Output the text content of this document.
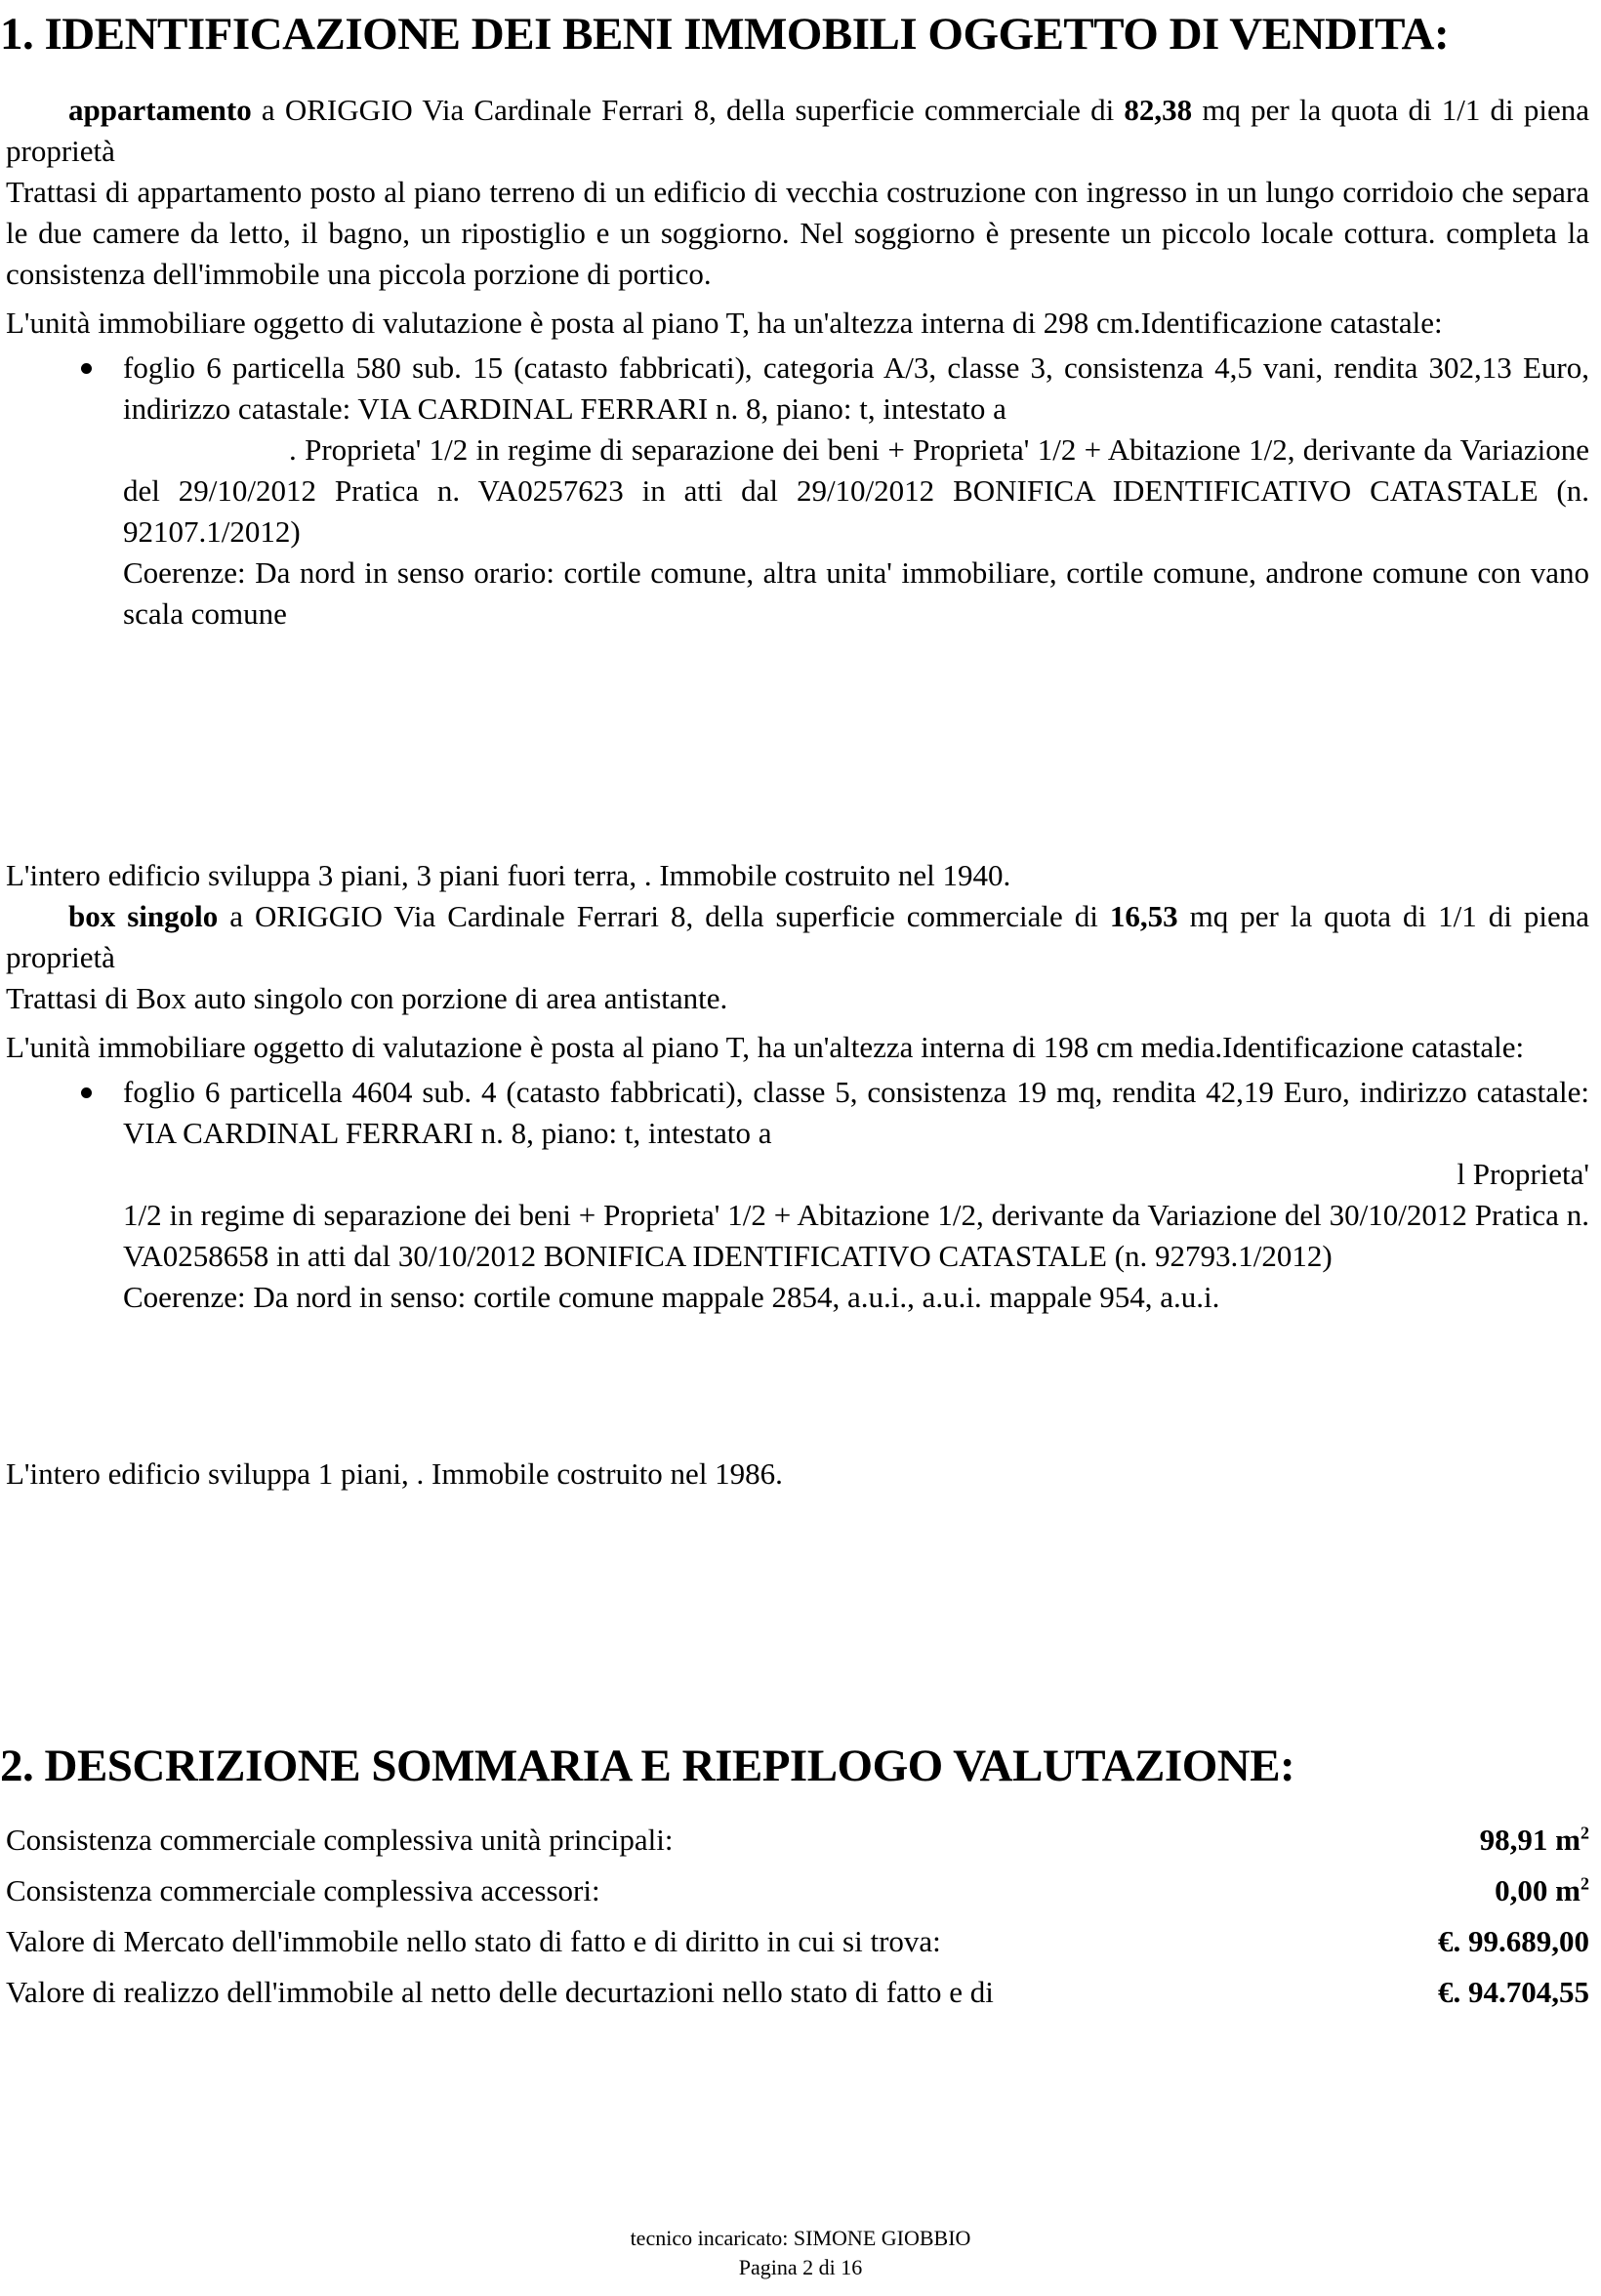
1. IDENTIFICAZIONE DEI BENI IMMOBILI OGGETTO DI VENDITA:

appartamento a ORIGGIO Via Cardinale Ferrari 8, della superficie commerciale di 82,38 mq per la quota di 1/1 di piena proprietà

Trattasi di appartamento posto al piano terreno di un edificio di vecchia costruzione con ingresso in un lungo corridoio che separa le due camere da letto, il bagno, un ripostiglio e un soggiorno. Nel soggiorno è presente un piccolo locale cottura. completa la consistenza dell'immobile una piccola porzione di portico.

L'unità immobiliare oggetto di valutazione è posta al piano T, ha un'altezza interna di 298 cm.Identificazione catastale:

foglio 6 particella 580 sub. 15 (catasto fabbricati), categoria A/3, classe 3, consistenza 4,5 vani, rendita 302,13 Euro, indirizzo catastale: VIA CARDINAL FERRARI n. 8, piano: t, intestato a

. Proprieta' 1/2 in regime di separazione dei beni + Proprieta' 1/2 + Abitazione 1/2, derivante da Variazione del 29/10/2012 Pratica n. VA0257623 in atti dal 29/10/2012 BONIFICA IDENTIFICATIVO CATASTALE (n. 92107.1/2012)

Coerenze: Da nord in senso orario: cortile comune, altra unita' immobiliare, cortile comune, androne comune con vano scala comune

L'intero edificio sviluppa 3 piani, 3 piani fuori terra, . Immobile costruito nel 1940.

box singolo a ORIGGIO Via Cardinale Ferrari 8, della superficie commerciale di 16,53 mq per la quota di 1/1 di piena proprietà

Trattasi di Box auto singolo con porzione di area antistante.

L'unità immobiliare oggetto di valutazione è posta al piano T, ha un'altezza interna di 198 cm media.Identificazione catastale:

foglio 6 particella 4604 sub. 4 (catasto fabbricati), classe 5, consistenza 19 mq, rendita 42,19 Euro, indirizzo catastale: VIA CARDINAL FERRARI n. 8, piano: t, intestato a

l Proprieta'

1/2 in regime di separazione dei beni + Proprieta' 1/2 + Abitazione 1/2, derivante da Variazione del 30/10/2012 Pratica n. VA0258658 in atti dal 30/10/2012 BONIFICA IDENTIFICATIVO CATASTALE (n. 92793.1/2012)

Coerenze: Da nord in senso: cortile comune mappale 2854, a.u.i., a.u.i. mappale 954, a.u.i.

L'intero edificio sviluppa 1 piani, . Immobile costruito nel 1986.

2. DESCRIZIONE SOMMARIA E RIEPILOGO VALUTAZIONE:
Consistenza commerciale complessiva unità principali:	98,91 $m^2$
Consistenza commerciale complessiva accessori:	0,00 $m^2$
Valore di Mercato dell'immobile nello stato di fatto e di diritto in cui si trova:	€. 99.689,00
Valore di realizzo dell'immobile al netto delle decurtazioni nello stato di fatto e di	€. 94.704,55
tecnico incaricato: SIMONE GIOBBIO
Pagina 2 di 16
